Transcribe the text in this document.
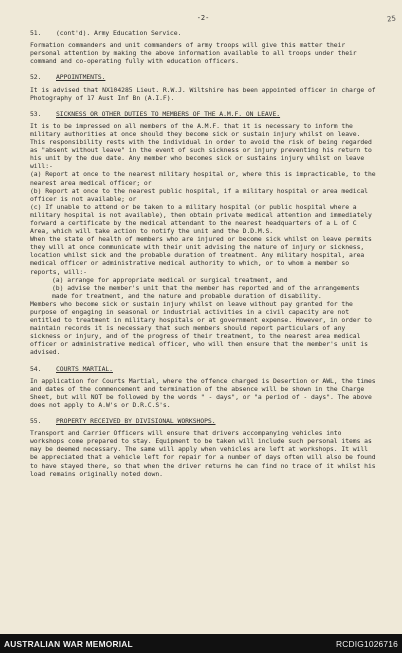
25
-2-
51. (cont'd). Army Education Service.
Formation commanders and unit commanders of army troops will give this matter their personal attention by making the above information available to all troops under their command and co-operating fully with education officers.
52. APPOINTMENTS.
It is advised that NX104285 Lieut. R.W.J. Wiltshire has been appointed officer in charge of Photography of 17 Aust Inf Bn (A.I.F).
53. SICKNESS OR OTHER DUTIES TO MEMBERS OF THE A.M.F. ON LEAVE.
It is to be impressed on all members of the A.M.F. that it is necessary to inform the military authorities at once should they become sick or sustain injury whilst on leave. This responsibility rests with the individual in order to avoid the risk of being regarded as "absent without leave" in the event of such sickness or injury preventing his return to his unit by the due date. Any member who becomes sick or sustains injury whilst on leave will:-
(a) Report at once to the nearest military hospital or, where this is impracticable, to the nearest area medical officer; or
(b) Report at once to the nearest public hospital, if a military hospital or area medical officer is not available; or
(c) If unable to attend or be taken to a military hospital (or public hospital where a military hospital is not available), then obtain private medical attention and immediately forward a certificate by the medical attendant to the nearest headquarters of a L of C Area, which will take action to notify the unit and the D.D.M.S.
When the state of health of members who are injured or become sick whilst on leave permits they will at once communicate with their unit advising the nature of injury or sickness, location whilst sick and the probable duration of treatment. Any military hospital, area medical officer or administrative medical authority to which, or to whom a member so reports, will:-
(a) arrange for appropriate medical or surgical treatment, and
(b) advise the member's unit that the member has reported and of the arrangements made for treatment, and the nature and probable duration of disability.
Members who become sick or sustain injury whilst on leave without pay granted for the purpose of engaging in seasonal or industrial activities in a civil capacity are not entitled to treatment in military hospitals or at government expense. However, in order to maintain records it is necessary that such members should report particulars of any sickness or injury, and of the progress of their treatment, to the nearest area medical officer or administrative medical officer, who will then ensure that the member's unit is advised.
54. COURTS MARTIAL.
In application for Courts Martial, where the offence charged is Desertion or AWL, the times and dates of the commencement and termination of the absence will be shown in the Charge Sheet, but will NOT be followed by the words " - days", or "a period of - days". The above does not apply to A.W's or D.R.C.S's.
55. PROPERTY RECEIVED BY DIVISIONAL WORKSHOPS.
Transport and Carrier Officers will ensure that drivers accompanying vehicles into workshops come prepared to stay. Equipment to be taken will include such personal items as may be deemed necessary. The same will apply when vehicles are left at workshops. It will be appreciated that a vehicle left for repair for a number of days often will also be found to have stayed there, so that when the driver returns he can find no trace of it whilst his load remains originally noted down.
AUSTRALIAN WAR MEMORIAL	RCDIG1026716
